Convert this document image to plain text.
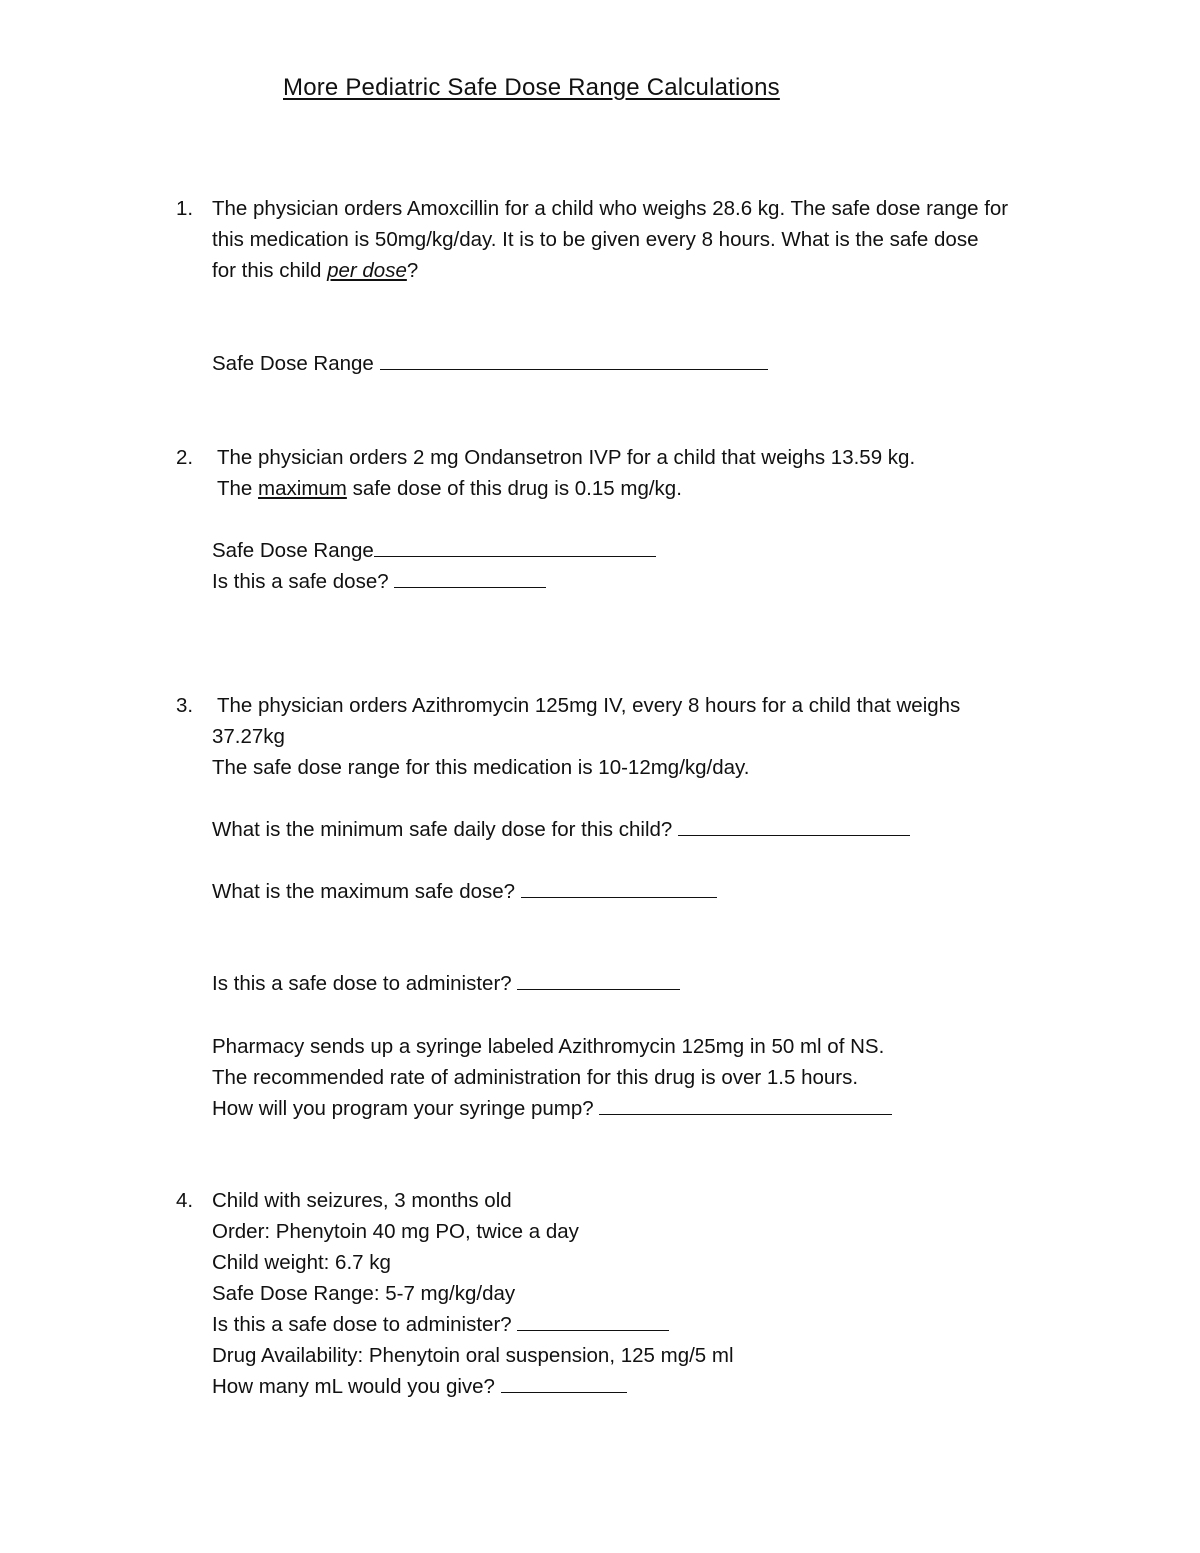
More Pediatric Safe Dose Range Calculations
1. The physician orders Amoxcillin for a child who weighs 28.6 kg. The safe dose range for
this medication is 50mg/kg/day. It is to be given every 8 hours. What is the safe dose
for this child per dose?
Safe Dose Range
2. The physician orders 2 mg Ondansetron IVP for a child that weighs 13.59 kg.
The maximum safe dose of this drug is 0.15 mg/kg.
Safe Dose Range
Is this a safe dose?
3. The physician orders Azithromycin 125mg IV, every 8 hours for a child that weighs
37.27kg
The safe dose range for this medication is 10-12mg/kg/day.
What is the minimum safe daily dose for this child?
What is the maximum safe dose?
Is this a safe dose to administer?
Pharmacy sends up a syringe labeled Azithromycin 125mg in 50 ml of NS.
The recommended rate of administration for this drug is over 1.5 hours.
How will you program your syringe pump?
4. Child with seizures, 3 months old
Order: Phenytoin 40 mg PO, twice a day
Child weight: 6.7 kg
Safe Dose Range: 5-7 mg/kg/day
Is this a safe dose to administer?
Drug Availability: Phenytoin oral suspension, 125 mg/5 ml
How many mL would you give?
